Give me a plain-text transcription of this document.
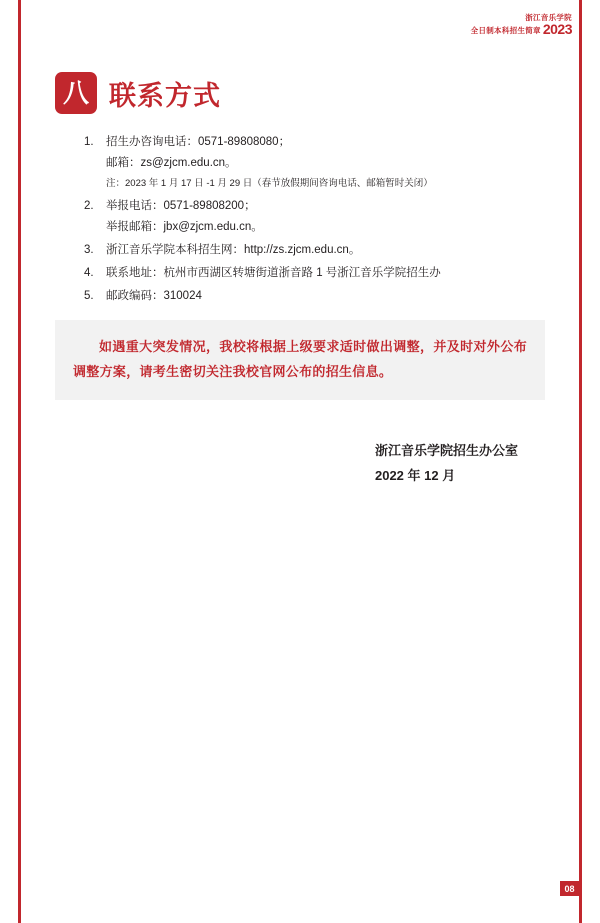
浙江音乐学院
全日制本科招生简章 2023
八 联系方式
1.	招生办咨询电话：0571-89808080；
邮箱：zs@zjcm.edu.cn。
注：2023 年 1 月 17 日 -1 月 29 日（春节放假期间咨询电话、邮箱暂时关闭）
2.	举报电话：0571-89808200；
举报邮箱：jbx@zjcm.edu.cn。
3.	浙江音乐学院本科招生网：http://zs.zjcm.edu.cn。
4.	联系地址：杭州市西湖区转塘街道浙音路 1 号浙江音乐学院招生办
5.	邮政编码：310024

如遇重大突发情况，我校将根据上级要求适时做出调整，并及时对外公布调整方案，请考生密切关注我校官网公布的招生信息。

浙江音乐学院招生办公室
2022 年 12 月
08
